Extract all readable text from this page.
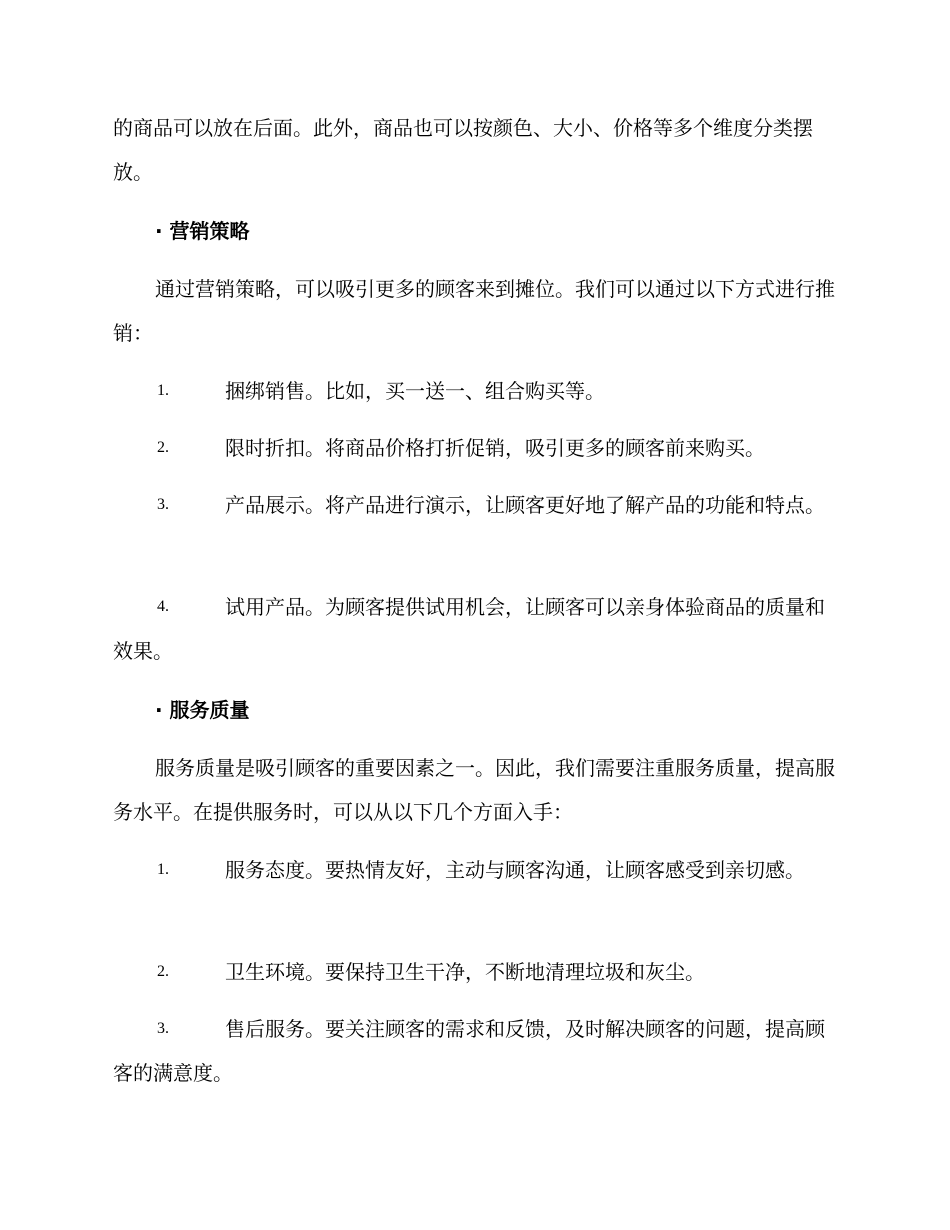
的商品可以放在后面。此外，商品也可以按颜色、大小、价格等多个维度分类摆放。
· 营销策略
通过营销策略，可以吸引更多的顾客来到摊位。我们可以通过以下方式进行推销：
1.	捆绑销售。比如，买一送一、组合购买等。
2.	限时折扣。将商品价格打折促销，吸引更多的顾客前来购买。
3.	产品展示。将产品进行演示，让顾客更好地了解产品的功能和特点。
4.	试用产品。为顾客提供试用机会，让顾客可以亲身体验商品的质量和效果。
· 服务质量
服务质量是吸引顾客的重要因素之一。因此，我们需要注重服务质量，提高服务水平。在提供服务时，可以从以下几个方面入手：
1.	服务态度。要热情友好，主动与顾客沟通，让顾客感受到亲切感。
2.	卫生环境。要保持卫生干净，不断地清理垃圾和灰尘。
3.	售后服务。要关注顾客的需求和反馈，及时解决顾客的问题，提高顾客的满意度。
